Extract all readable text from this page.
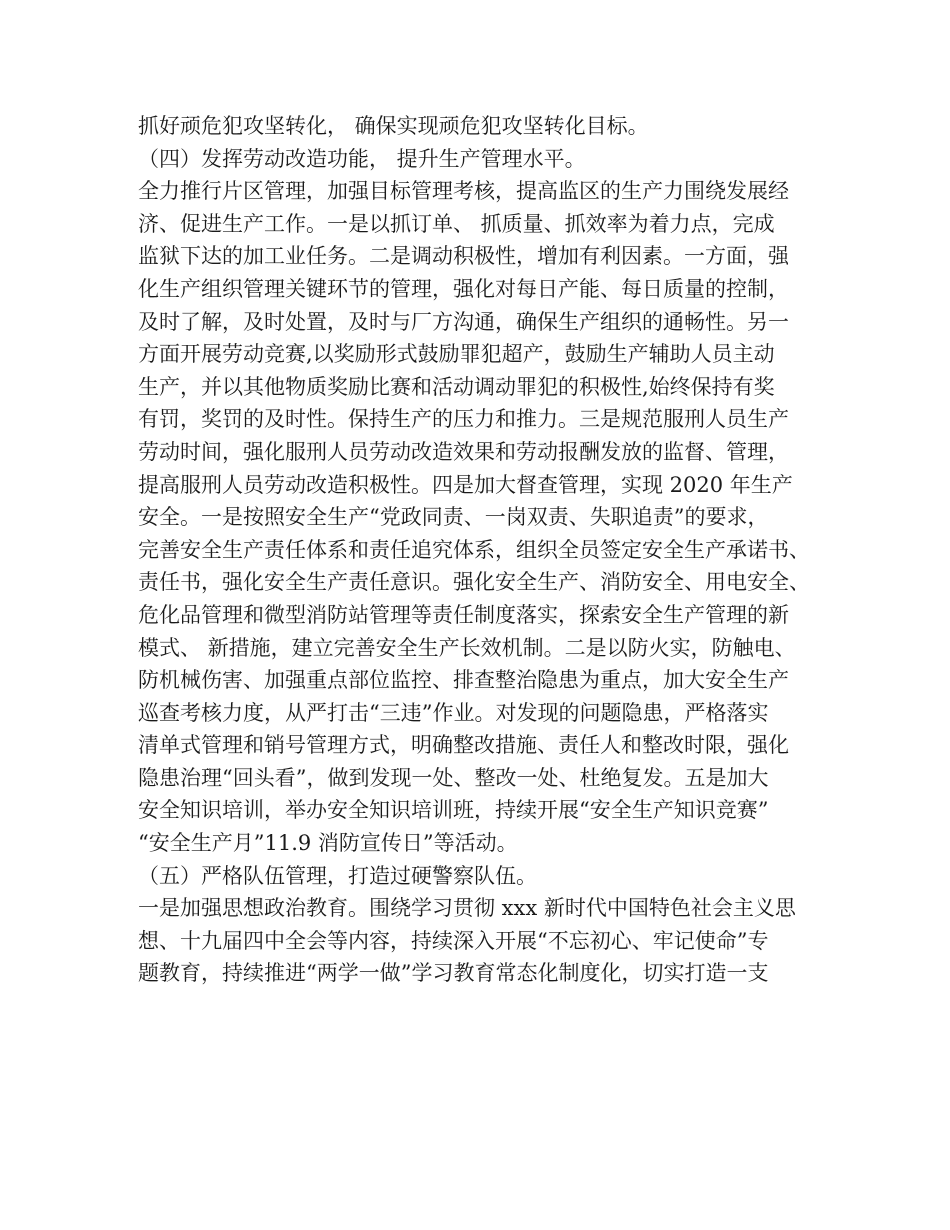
抓好顽危犯攻坚转化， 确保实现顽危犯攻坚转化目标。
（四）发挥劳动改造功能， 提升生产管理水平。
全力推行片区管理，加强目标管理考核，提高监区的生产力围绕发展经
济、促进生产工作。一是以抓订单、 抓质量、抓效率为着力点，完成
监狱下达的加工业任务。二是调动积极性，增加有利因素。一方面，强
化生产组织管理关键环节的管理，强化对每日产能、每日质量的控制，
及时了解，及时处置，及时与厂方沟通，确保生产组织的通畅性。另一
方面开展劳动竞赛,以奖励形式鼓励罪犯超产，鼓励生产辅助人员主动
生产，并以其他物质奖励比赛和活动调动罪犯的积极性,始终保持有奖
有罚，奖罚的及时性。保持生产的压力和推力。三是规范服刑人员生产
劳动时间，强化服刑人员劳动改造效果和劳动报酬发放的监督、管理，
提高服刑人员劳动改造积极性。四是加大督查管理，实现 2020 年生产
安全。一是按照安全生产“党政同责、一岗双责、失职追责”的要求，
完善安全生产责任体系和责任追究体系，组织全员签定安全生产承诺书、
责任书，强化安全生产责任意识。强化安全生产、消防安全、用电安全、
危化品管理和微型消防站管理等责任制度落实，探索安全生产管理的新
模式、 新措施，建立完善安全生产长效机制。二是以防火实，防触电、
防机械伤害、加强重点部位监控、排查整治隐患为重点，加大安全生产
巡查考核力度，从严打击“三违”作业。对发现的问题隐患，严格落实
清单式管理和销号管理方式，明确整改措施、责任人和整改时限，强化
隐患治理“回头看”，做到发现一处、整改一处、杜绝复发。五是加大
安全知识培训，举办安全知识培训班，持续开展“安全生产知识竞赛”
“安全生产月”11.9 消防宣传日”等活动。
（五）严格队伍管理，打造过硬警察队伍。
一是加强思想政治教育。围绕学习贯彻 xxx 新时代中国特色社会主义思
想、十九届四中全会等内容，持续深入开展“不忘初心、牢记使命”专
题教育，持续推进“两学一做”学习教育常态化制度化，切实打造一支
